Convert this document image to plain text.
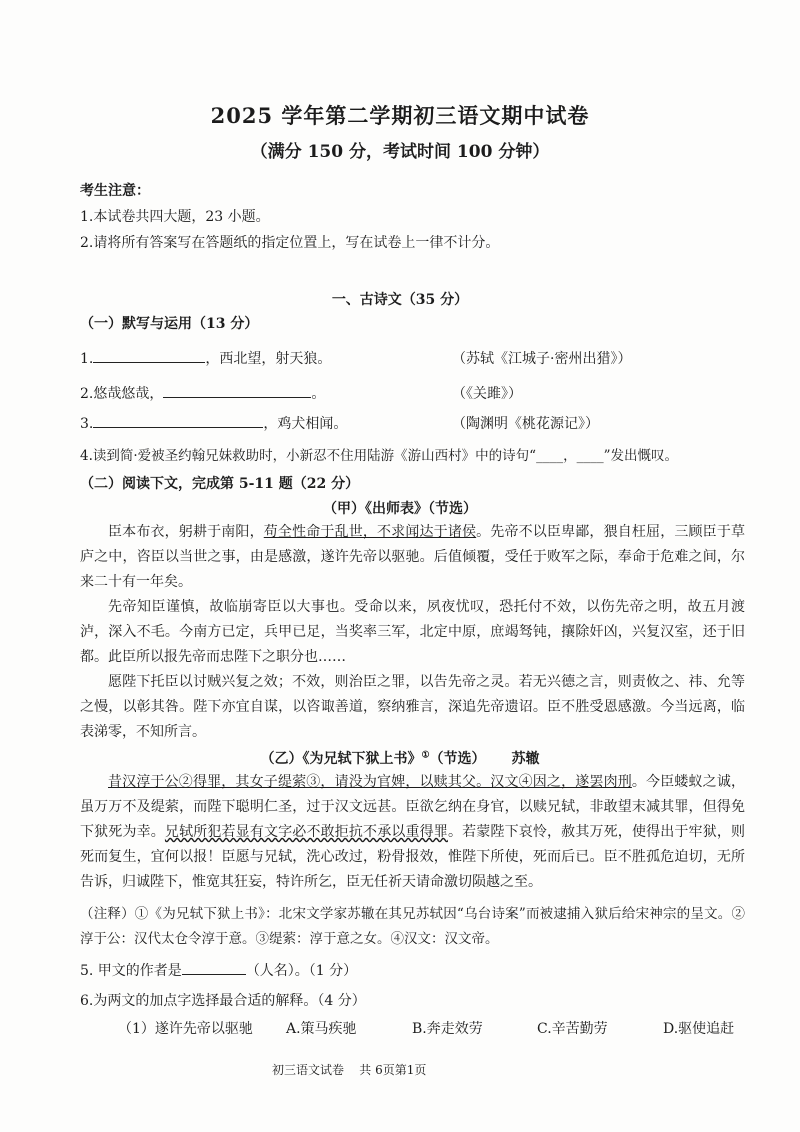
2025 学年第二学期初三语文期中试卷
（满分 150 分，考试时间 100 分钟）
考生注意：
1.本试卷共四大题，23 小题。
2.请将所有答案写在答题纸的指定位置上，写在试卷上一律不计分。
一、古诗文（35 分）
（一）默写与运用（13 分）
1.	，西北望，射天狼。	（苏轼《江城子·密州出猎》）
2.悠哉悠哉，	。	（《关雎》）
3.	，鸡犬相闻。	（陶渊明《桃花源记》）
4.读到简·爱被圣约翰兄妹救助时，小新忍不住用陆游《游山西村》中的诗句“____，____”发出慨叹。
（二）阅读下文，完成第 5-11 题（22 分）
（甲）《出师表》（节选）

臣本布衣，躬耕于南阳，苟全性命于乱世，不求闻达于诸侯。先帝不以臣卑鄙，猥自枉屈，三顾臣于草庐之中，咨臣以当世之事，由是感激，遂许先帝以驱驰。后值倾覆，受任于败军之际，奉命于危难之间，尔来二十有一年矣。

先帝知臣谨慎，故临崩寄臣以大事也。受命以来，夙夜忧叹，恐托付不效，以伤先帝之明，故五月渡泸，深入不毛。今南方已定，兵甲已足，当奖率三军，北定中原，庶竭驽钝，攘除奸凶，兴复汉室，还于旧都。此臣所以报先帝而忠陛下之职分也……

愿陛下托臣以讨贼兴复之效；不效，则治臣之罪，以告先帝之灵。若无兴德之言，则责攸之、祎、允等之慢，以彰其咎。陛下亦宜自谋，以咨诹善道，察纳雅言，深追先帝遗诏。臣不胜受恩感激。今当远离，临表涕零，不知所言。

（乙）《为兄轼下狱上书》①（节选） 苏辙

昔汉淳于公②得罪，其女子缇萦③，请没为官婢，以赎其父。汉文④因之，遂罢肉刑。今臣蝼蚁之诚，虽万万不及缇萦，而陛下聪明仁圣，过于汉文远甚。臣欲乞纳在身官，以赎兄轼，非敢望末减其罪，但得免下狱死为幸。兄轼所犯若显有文字必不敢拒抗不承以重得罪。若蒙陛下哀怜，赦其万死，使得出于牢狱，则死而复生，宜何以报！臣愿与兄轼，洗心改过，粉骨报效，惟陛下所使，死而后已。臣不胜孤危迫切，无所告诉，归诚陛下，惟宽其狂妄，特许所乞，臣无任祈天请命激切陨越之至。

（注释）①《为兄轼下狱上书》：北宋文学家苏辙在其兄苏轼因“乌台诗案”而被逮捕入狱后给宋神宗的呈文。②淳于公：汉代太仓令淳于意。③缇萦：淳于意之女。④汉文：汉文帝。

5. 甲文的作者是	（人名）。（1 分）
6.为两文的加点字选择最合适的解释。（4 分）
（1）遂许先帝以驱驰 A.策马疾驰	B.奔走效劳	C.辛苦勤劳	D.驱使追赶
初三语文试卷    共 6页第1页
